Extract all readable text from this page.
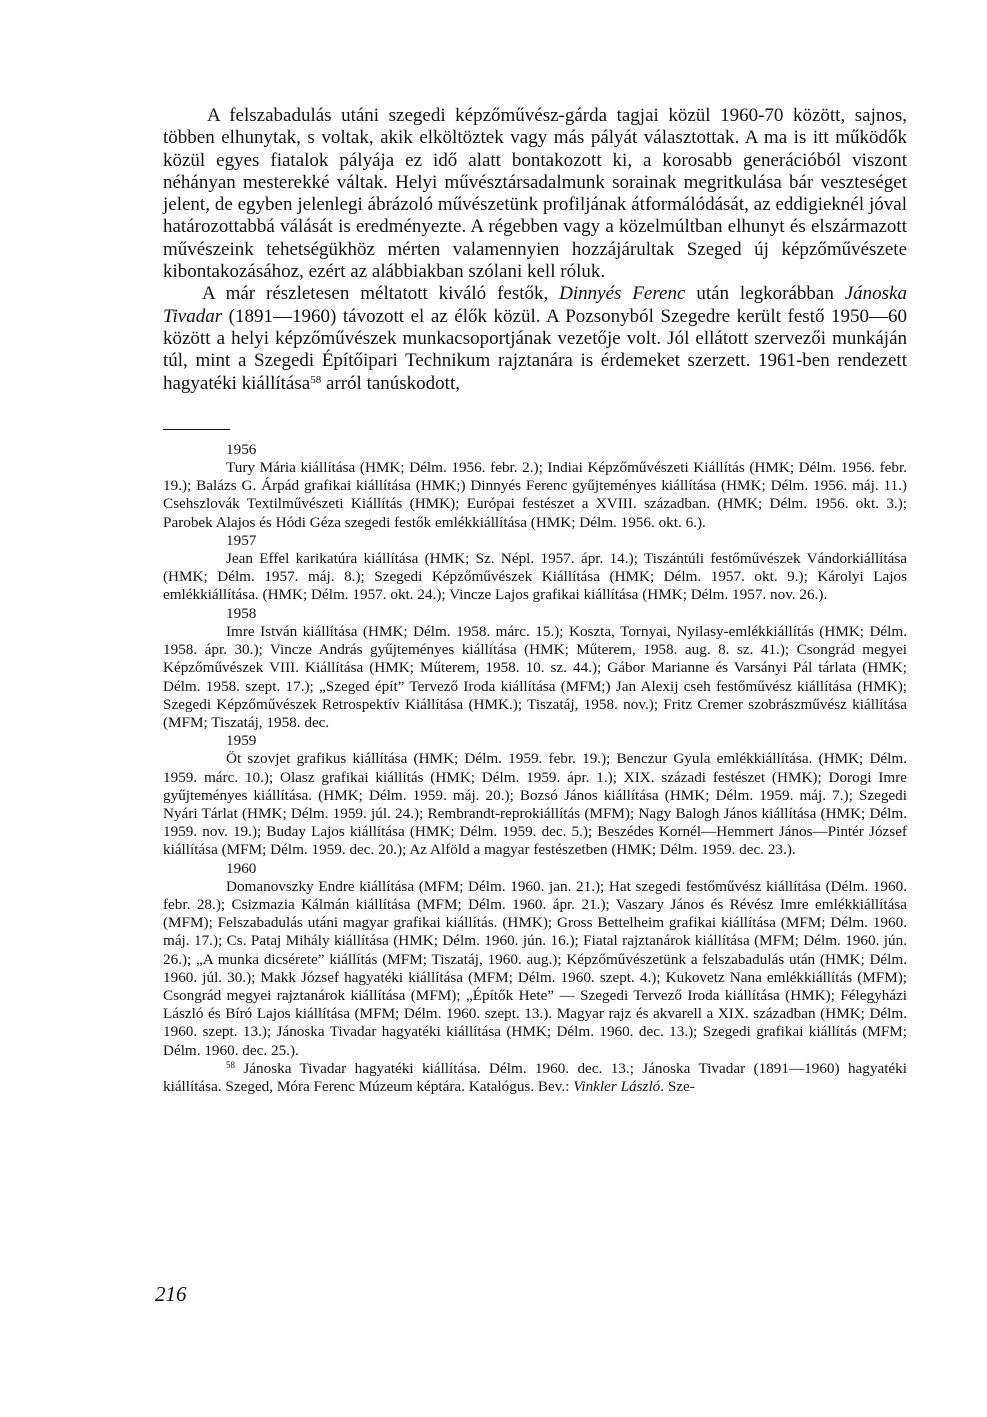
A felszabadulás utáni szegedi képzőművész-gárda tagjai közül 1960-70 között, sajnos, többen elhunytak, s voltak, akik elköltöztek vagy más pályát választottak. A ma is itt működők közül egyes fiatalok pályája ez idő alatt bontakozott ki, a korosabb generációból viszont néhányan mesterekké váltak. Helyi művésztársadalmunk sorainak megritkulása bár veszteséget jelent, de egyben jelenlegi ábrázoló művészetünk profiljának átformálódását, az eddigieknél jóval határozottabbá válását is eredményezte. A régebben vagy a közelmúltban elhunyt és elszármazott művészeink tehetségükhöz mérten valamennyien hozzájárultak Szeged új képzőművészete kibontakozásához, ezért az alábbiakban szólani kell róluk.

A már részletesen méltatott kiváló festők, Dinnyés Ferenc után legkorábban Jánoska Tivadar (1891—1960) távozott el az élők közül. A Pozsonyból Szegedre került festő 1950—60 között a helyi képzőművészek munkacsoportjának vezetője volt. Jól ellátott szervezői munkáján túl, mint a Szegedi Építőipari Technikum rajztanára is érdemeket szerzett. 1961-ben rendezett hagyatéki kiállítása$^{58}$ arról tanúskodott,

1956

Tury Mária kiállítása (HMK; Délm. 1956. febr. 2.); Indiai Képzőművészeti Kiállítás (HMK; Délm. 1956. febr. 19.); Balázs G. Árpád grafikai kiállítása (HMK;) Dinnyés Ferenc gyűjteményes kiállítása (HMK; Délm. 1956. máj. 11.) Csehszlovák Textilművészeti Kiállítás (HMK); Európai festészet a XVIII. században. (HMK; Délm. 1956. okt. 3.); Parobek Alajos és Hódi Géza szegedi festők emlékkiállítása (HMK; Délm. 1956. okt. 6.).

1957

Jean Effel karikatúra kiállítása (HMK; Sz. Népl. 1957. ápr. 14.); Tiszántúli festőművészek Vándorkiállítása (HMK; Délm. 1957. máj. 8.); Szegedi Képzőművészek Kiállítása (HMK; Délm. 1957. okt. 9.); Károlyi Lajos emlékkiállítása. (HMK; Délm. 1957. okt. 24.); Vincze Lajos grafikai kiállítása (HMK; Délm. 1957. nov. 26.).

1958

Imre István kiállítása (HMK; Délm. 1958. márc. 15.); Koszta, Tornyai, Nyilasy-emlékkiállítás (HMK; Délm. 1958. ápr. 30.); Vincze András gyűjteményes kiállítása (HMK; Műterem, 1958. aug. 8. sz. 41.); Csongrád megyei Képzőművészek VIII. Kiállítása (HMK; Műterem, 1958. 10. sz. 44.); Gábor Marianne és Varsányi Pál tárlata (HMK; Délm. 1958. szept. 17.); „Szeged épít” Tervező Iroda kiállítása (MFM;) Jan Alexij cseh festőművész kiállítása (HMK); Szegedi Képzőművészek Retrospektív Kiállítása (HMK.); Tiszatáj, 1958. nov.); Fritz Cremer szobrászművész kiállítása (MFM; Tiszatáj, 1958. dec.

1959

Öt szovjet grafikus kiállítása (HMK; Délm. 1959. febr. 19.); Benczur Gyula emlékkiállítása. (HMK; Délm. 1959. márc. 10.); Olasz grafikai kiállítás (HMK; Délm. 1959. ápr. 1.); XIX. századi festészet (HMK); Dorogi Imre gyűjteményes kiállítása. (HMK; Délm. 1959. máj. 20.); Bozsó János kiállítása (HMK; Délm. 1959. máj. 7.); Szegedi Nyári Tárlat (HMK; Délm. 1959. júl. 24.); Rembrandt-reprokiállítás (MFM); Nagy Balogh János kiállítása (HMK; Délm. 1959. nov. 19.); Buday Lajos kiállítása (HMK; Délm. 1959. dec. 5.); Beszédes Kornél—Hemmert János—Pintér József kiállítása (MFM; Délm. 1959. dec. 20.); Az Alföld a magyar festészetben (HMK; Délm. 1959. dec. 23.).

1960

Domanovszky Endre kiállítása (MFM; Délm. 1960. jan. 21.); Hat szegedi festőművész kiállítása (Délm. 1960. febr. 28.); Csizmazia Kálmán kiállítása (MFM; Délm. 1960. ápr. 21.); Vaszary János és Révész Imre emlékkiállítása (MFM); Felszabadulás utáni magyar grafikai kiállítás. (HMK); Gross Bettelheim grafikai kiállítása (MFM; Délm. 1960. máj. 17.); Cs. Pataj Mihály kiállítása (HMK; Délm. 1960. jún. 16.); Fiatal rajztanárok kiállítása (MFM; Délm. 1960. jún. 26.); „A munka dicsérete” kiállítás (MFM; Tiszatáj, 1960. aug.); Képzőművészetünk a felszabadulás után (HMK; Délm. 1960. júl. 30.); Makk József hagyatéki kiállítása (MFM; Délm. 1960. szept. 4.); Kukovetz Nana emlékkiállítás (MFM); Csongrád megyei rajztanárok kiállítása (MFM); „Építők Hete” — Szegedi Tervező Iroda kiállítása (HMK); Félegyházi László és Bíró Lajos kiállítása (MFM; Délm. 1960. szept. 13.). Magyar rajz és akvarell a XIX. században (HMK; Délm. 1960. szept. 13.); Jánoska Tivadar hagyatéki kiállítása (HMK; Délm. 1960. dec. 13.); Szegedi grafikai kiállítás (MFM; Délm. 1960. dec. 25.).

$^{58}$ Jánoska Tivadar hagyatéki kiállítása. Délm. 1960. dec. 13.; Jánoska Tivadar (1891—1960) hagyatéki kiállítása. Szeged, Móra Ferenc Múzeum képtára. Katalógus. Bev.: Vinkler László. Sze-

216
